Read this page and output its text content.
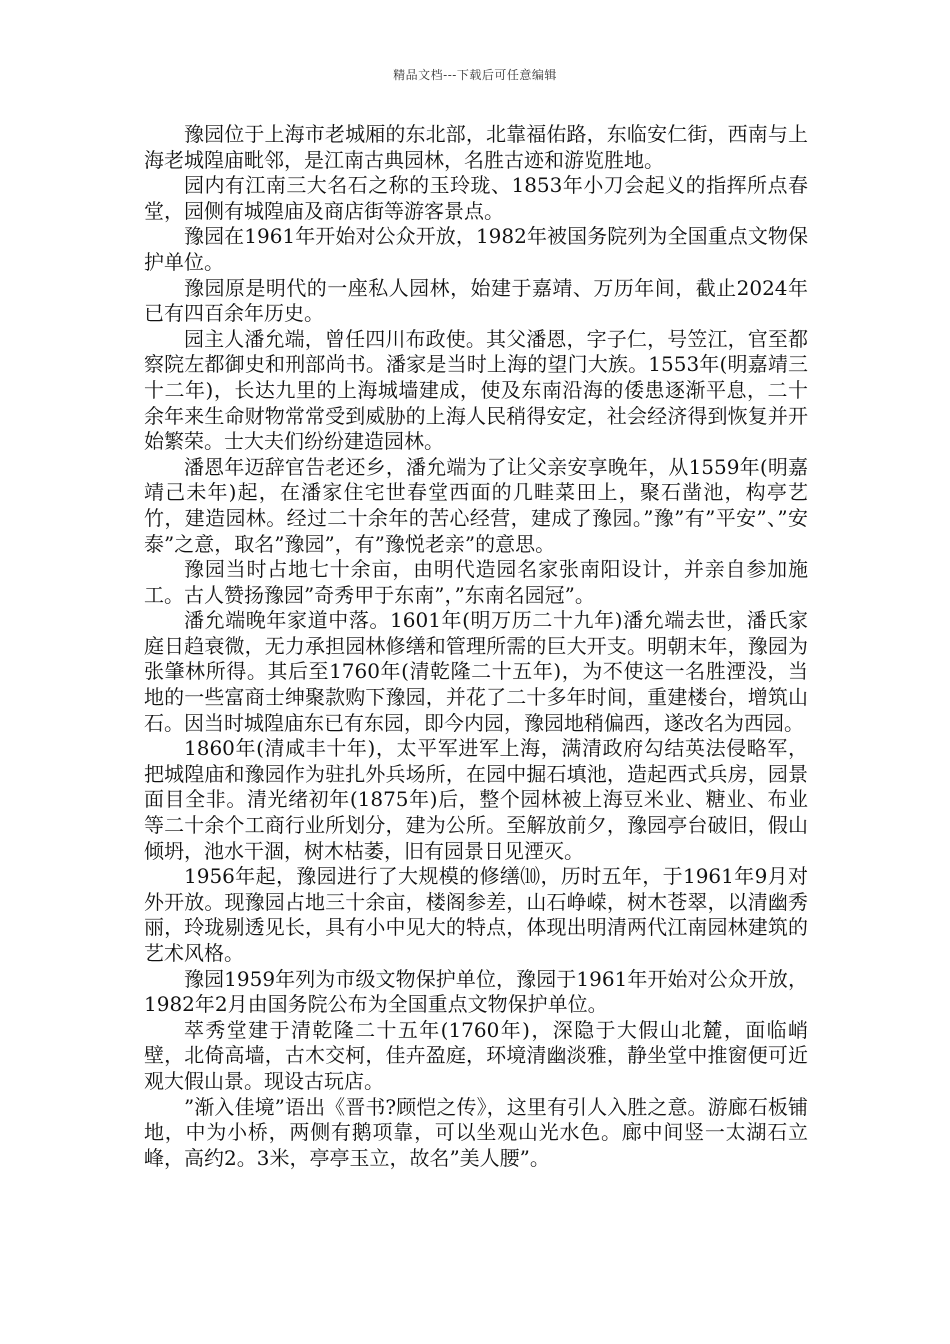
精品文档---下载后可任意编辑

豫园位于上海市老城厢的东北部，北靠福佑路，东临安仁街，西南与上海老城隍庙毗邻，是江南古典园林，名胜古迹和游览胜地。

园内有江南三大名石之称的玉玲珑、1853年小刀会起义的指挥所点春堂，园侧有城隍庙及商店街等游客景点。

豫园在1961年开始对公众开放，1982年被国务院列为全国重点文物保护单位。

豫园原是明代的一座私人园林，始建于嘉靖、万历年间，截止2024年已有四百余年历史。

园主人潘允端，曾任四川布政使。其父潘恩，字子仁，号笠江，官至都察院左都御史和刑部尚书。潘家是当时上海的望门大族。1553年(明嘉靖三十二年)，长达九里的上海城墙建成，使及东南沿海的倭患逐渐平息，二十余年来生命财物常常受到威胁的上海人民稍得安定，社会经济得到恢复并开始繁荣。士大夫们纷纷建造园林。

潘恩年迈辞官告老还乡，潘允端为了让父亲安享晚年，从1559年(明嘉靖己未年)起，在潘家住宅世春堂西面的几畦菜田上，聚石凿池，构亭艺竹，建造园林。经过二十余年的苦心经营，建成了豫园。”豫”有”平安”、”安泰”之意，取名”豫园”，有”豫悦老亲”的意思。

豫园当时占地七十余亩，由明代造园名家张南阳设计，并亲自参加施工。古人赞扬豫园”奇秀甲于东南”，”东南名园冠”。

潘允端晚年家道中落。1601年(明万历二十九年)潘允端去世，潘氏家庭日趋衰微，无力承担园林修缮和管理所需的巨大开支。明朝末年，豫园为张肇林所得。其后至1760年(清乾隆二十五年)，为不使这一名胜湮没，当地的一些富商士绅聚款购下豫园，并花了二十多年时间，重建楼台，增筑山石。因当时城隍庙东已有东园，即今内园，豫园地稍偏西，遂改名为西园。

1860年(清咸丰十年)，太平军进军上海，满清政府勾结英法侵略军，把城隍庙和豫园作为驻扎外兵场所，在园中掘石填池，造起西式兵房，园景面目全非。清光绪初年(1875年)后，整个园林被上海豆米业、糖业、布业等二十余个工商行业所划分，建为公所。至解放前夕，豫园亭台破旧，假山倾坍，池水干涸，树木枯萎，旧有园景日见湮灭。

1956年起，豫园进行了大规模的修缮⑽，历时五年，于1961年9月对外开放。现豫园占地三十余亩，楼阁参差，山石峥嵘，树木苍翠，以清幽秀丽，玲珑剔透见长，具有小中见大的特点，体现出明清两代江南园林建筑的艺术风格。

豫园1959年列为市级文物保护单位，豫园于1961年开始对公众开放，1982年2月由国务院公布为全国重点文物保护单位。

萃秀堂建于清乾隆二十五年(1760年)，深隐于大假山北麓，面临峭壁，北倚高墙，古木交柯，佳卉盈庭，环境清幽淡雅，静坐堂中推窗便可近观大假山景。现设古玩店。

”渐入佳境”语出《晋书?顾恺之传》，这里有引人入胜之意。游廊石板铺地，中为小桥，两侧有鹅项靠，可以坐观山光水色。廊中间竖一太湖石立峰，高约2。3米，亭亭玉立，故名”美人腰”。
